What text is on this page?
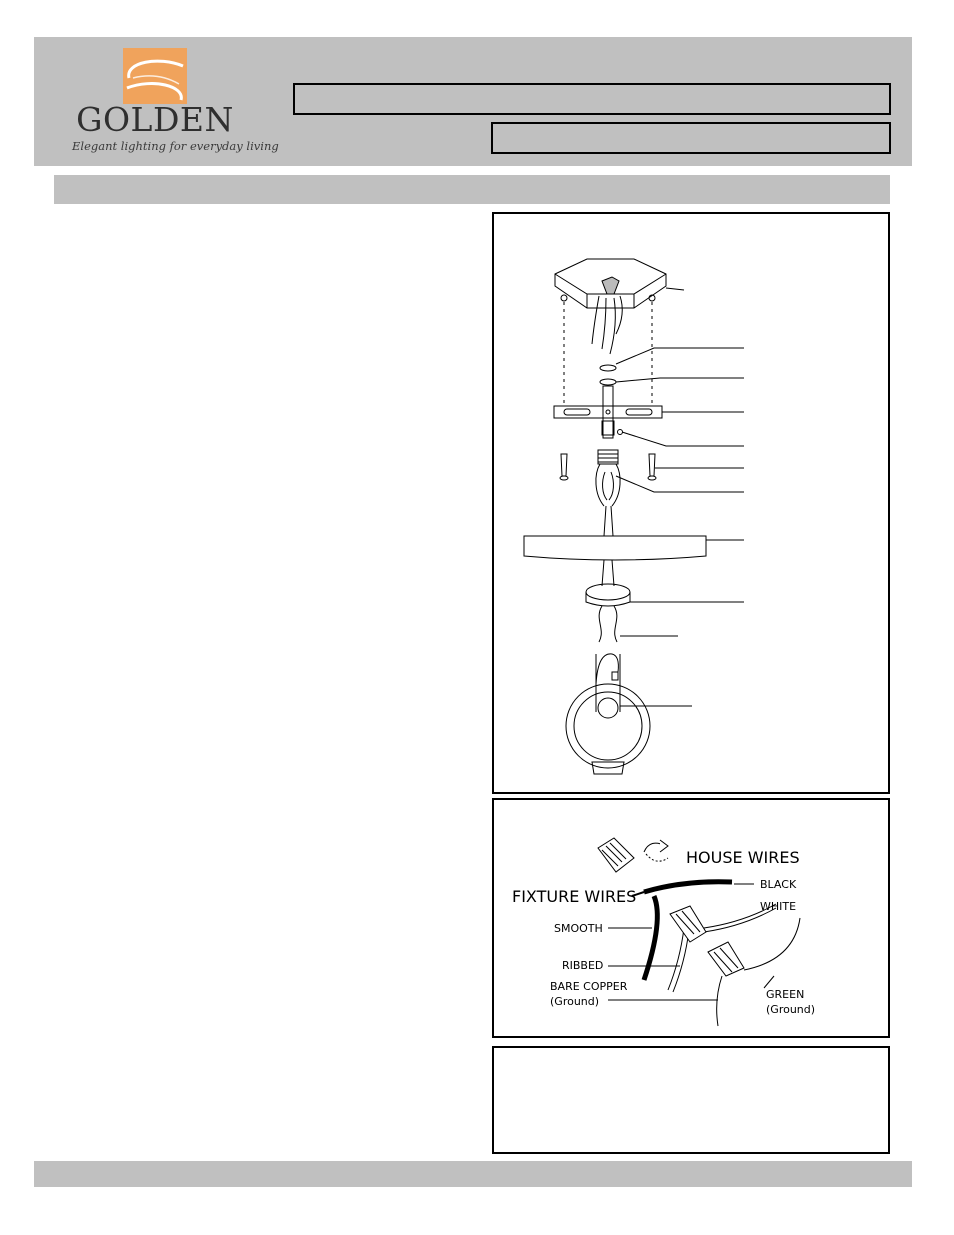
GOLDEN
Elegant lighting for everyday living
HOUSE WIRES
FIXTURE WIRES
BLACK
WHITE
SMOOTH
RIBBED
BARE COPPER
(Ground)
GREEN
(Ground)
